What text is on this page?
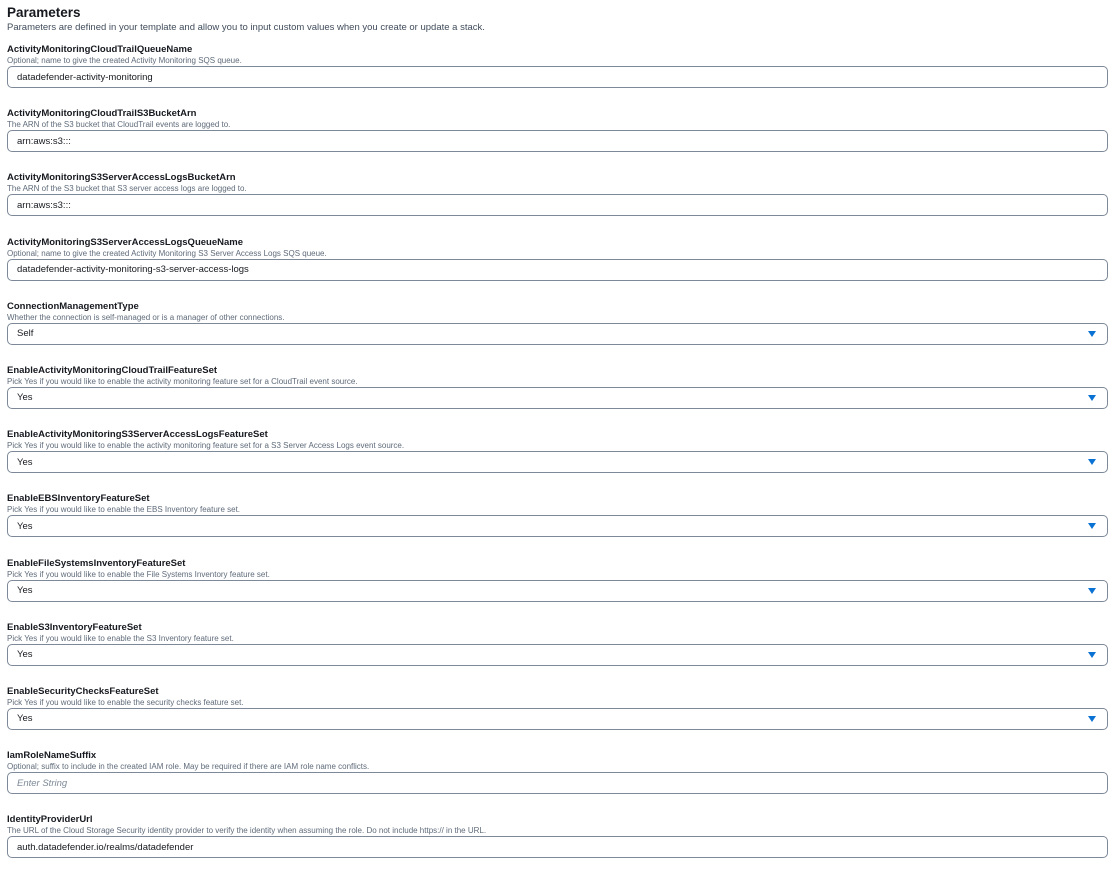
Parameters

Parameters are defined in your template and allow you to input custom values when you create or update a stack.

ActivityMonitoringCloudTrailQueueName

Optional; name to give the created Activity Monitoring SQS queue.

datadefender-activity-monitoring

ActivityMonitoringCloudTrailS3BucketArn

The ARN of the S3 bucket that CloudTrail events are logged to.

arn:aws:s3:::

ActivityMonitoringS3ServerAccessLogsBucketArn

The ARN of the S3 bucket that S3 server access logs are logged to.

arn:aws:s3:::

ActivityMonitoringS3ServerAccessLogsQueueName

Optional; name to give the created Activity Monitoring S3 Server Access Logs SQS queue.

datadefender-activity-monitoring-s3-server-access-logs

ConnectionManagementType

Whether the connection is self-managed or is a manager of other connections.

Self

EnableActivityMonitoringCloudTrailFeatureSet

Pick Yes if you would like to enable the activity monitoring feature set for a CloudTrail event source.

Yes

EnableActivityMonitoringS3ServerAccessLogsFeatureSet

Pick Yes if you would like to enable the activity monitoring feature set for a S3 Server Access Logs event source.

Yes

EnableEBSInventoryFeatureSet

Pick Yes if you would like to enable the EBS Inventory feature set.

Yes

EnableFileSystemsInventoryFeatureSet

Pick Yes if you would like to enable the File Systems Inventory feature set.

Yes

EnableS3InventoryFeatureSet

Pick Yes if you would like to enable the S3 Inventory feature set.

Yes

EnableSecurityChecksFeatureSet

Pick Yes if you would like to enable the security checks feature set.

Yes

IamRoleNameSuffix

Optional; suffix to include in the created IAM role. May be required if there are IAM role name conflicts.

Enter String

IdentityProviderUrl

The URL of the Cloud Storage Security identity provider to verify the identity when assuming the role. Do not include https:// in the URL.

auth.datadefender.io/realms/datadefender
